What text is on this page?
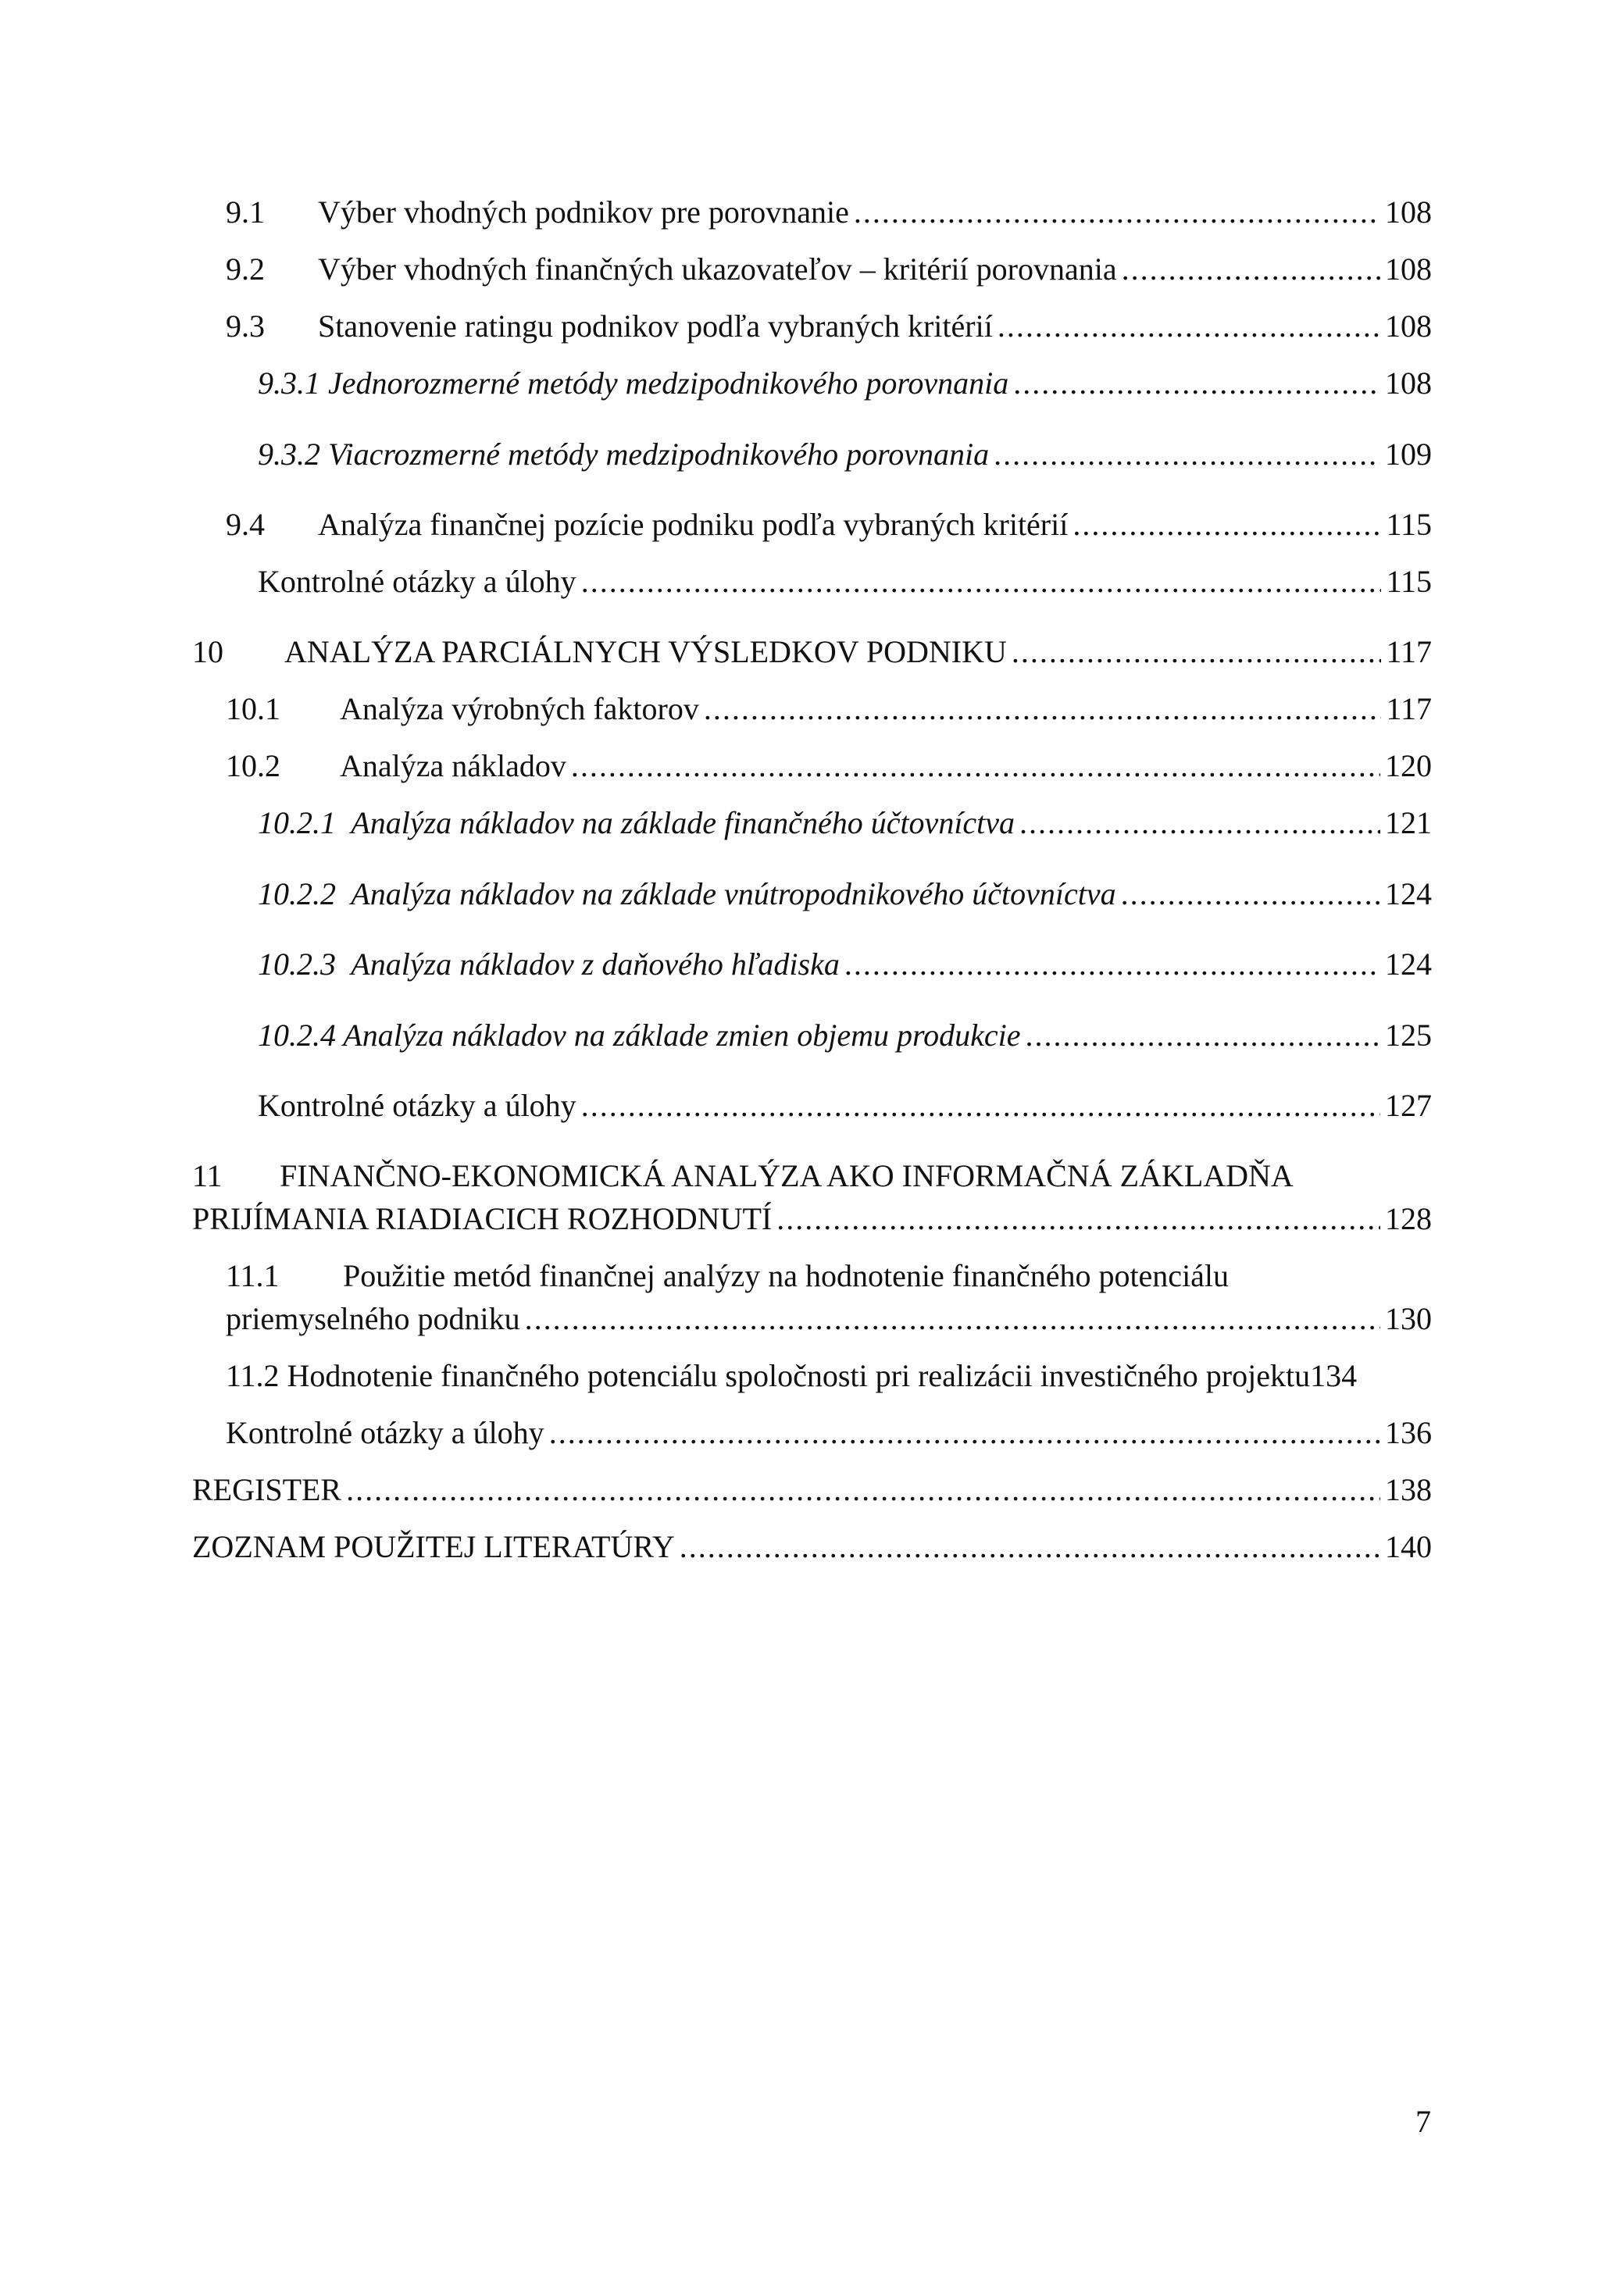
9.1 Výber vhodných podnikov pre porovnanie .....	108
9.2 Výber vhodných finančných ukazovateľov – kritérií porovnania .....	108
9.3 Stanovenie ratingu podnikov podľa vybraných kritérií .....	108
9.3.1 Jednorozmerné metódy medzipodnikového porovnania .....	108
9.3.2 Viacrozmerné metódy medzipodnikového porovnania .....	109
9.4 Analýza finančnej pozície podniku podľa vybraných kritérií .....	115
Kontrolné otázky a úlohy .....	115
10 ANALÝZA PARCIÁLNYCH VÝSLEDKOV PODNIKU .....	117
10.1 Analýza výrobných faktorov .....	117
10.2 Analýza nákladov .....	120
10.2.1 Analýza nákladov na základe finančného účtovníctva .....	121
10.2.2 Analýza nákladov na základe vnútropodnikového účtovníctva .....	124
10.2.3 Analýza nákladov z daňového hľadiska .....	124
10.2.4 Analýza nákladov na základe zmien objemu produkcie .....	125
Kontrolné otázky a úlohy .....	127
11 FINANČNO-EKONOMICKÁ ANALÝZA AKO INFORMAČNÁ ZÁKLADŇA
PRIJÍMANIA RIADIACICH ROZHODNUTÍ .....	128
11.1 Použitie metód finančnej analýzy na hodnotenie finančného potenciálu
priemyselného podniku .....	130
11.2 Hodnotenie finančného potenciálu spoločnosti pri realizácii investičného projektu 134
Kontrolné otázky a úlohy .....	136
REGISTER .....	138
ZOZNAM POUŽITEJ LITERATÚRY .....	140
7
